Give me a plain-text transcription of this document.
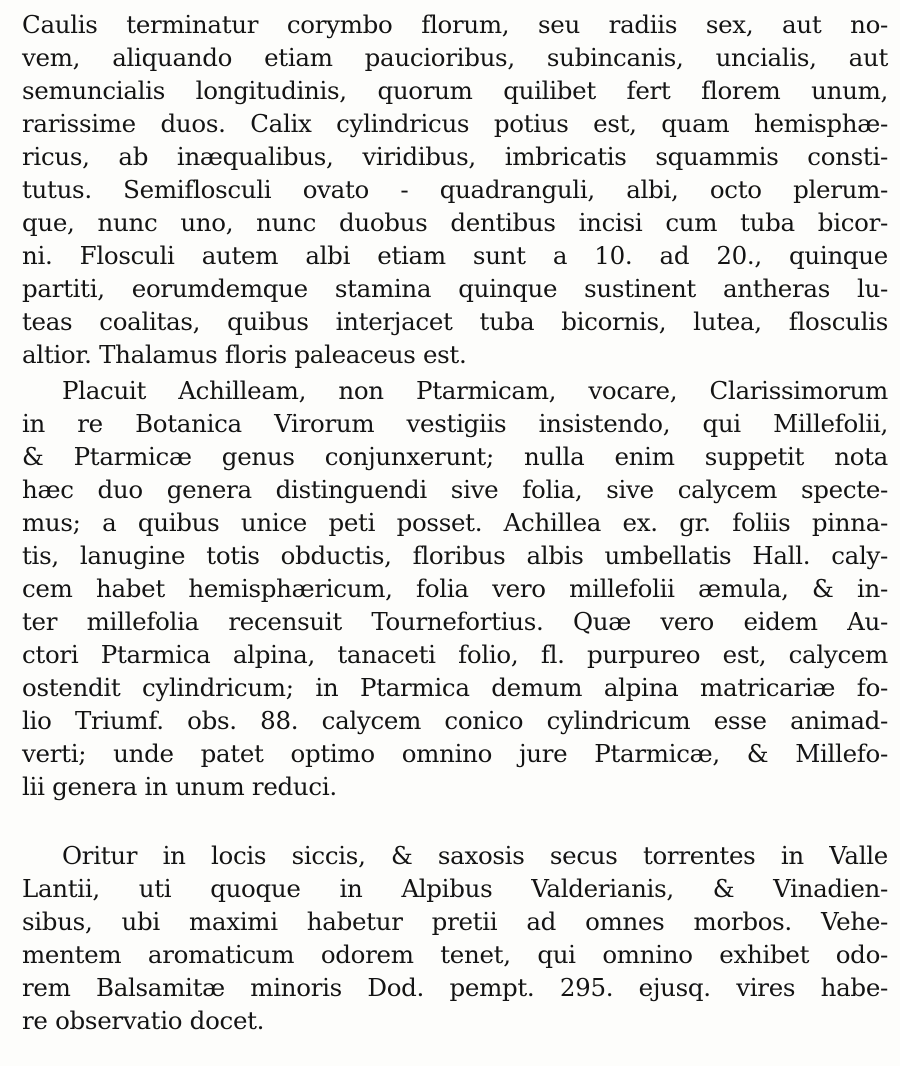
Caulis terminatur corymbo florum, seu radiis sex, aut no-
vem, aliquando etiam paucioribus, subincanis, uncialis, aut
semuncialis longitudinis, quorum quilibet fert florem unum,
rarissime duos. Calix cylindricus potius est, quam hemisphæ-
ricus, ab inæqualibus, viridibus, imbricatis squammis consti-
tutus. Semiflosculi ovato - quadranguli, albi, octo plerum-
que, nunc uno, nunc duobus dentibus incisi cum tuba bicor-
ni. Flosculi autem albi etiam sunt a 10. ad 20., quinque
partiti, eorumdemque stamina quinque sustinent antheras lu-
teas coalitas, quibus interjacet tuba bicornis, lutea, flosculis
altior. Thalamus floris paleaceus est.
Placuit Achilleam, non Ptarmicam, vocare, Clarissimorum
in re Botanica Virorum vestigiis insistendo, qui Millefolii,
& Ptarmicæ genus conjunxerunt; nulla enim suppetit nota
hæc duo genera distinguendi sive folia, sive calycem specte-
mus; a quibus unice peti posset. Achillea ex. gr. foliis pinna-
tis, lanugine totis obductis, floribus albis umbellatis Hall. caly-
cem habet hemisphæricum, folia vero millefolii æmula, & in-
ter millefolia recensuit Tournefortius. Quæ vero eidem Au-
ctori Ptarmica alpina, tanaceti folio, fl. purpureo est, calycem
ostendit cylindricum; in Ptarmica demum alpina matricariæ fo-
lio Triumf. obs. 88. calycem conico cylindricum esse animad-
verti; unde patet optimo omnino jure Ptarmicæ, & Millefo-
lii genera in unum reduci.
Oritur in locis siccis, & saxosis secus torrentes in Valle
Lantii, uti quoque in Alpibus Valderianis, & Vinadien-
sibus, ubi maximi habetur pretii ad omnes morbos. Vehe-
mentem aromaticum odorem tenet, qui omnino exhibet odo-
rem Balsamitæ minoris Dod. pempt. 295. ejusq. vires habe-
re observatio docet.
